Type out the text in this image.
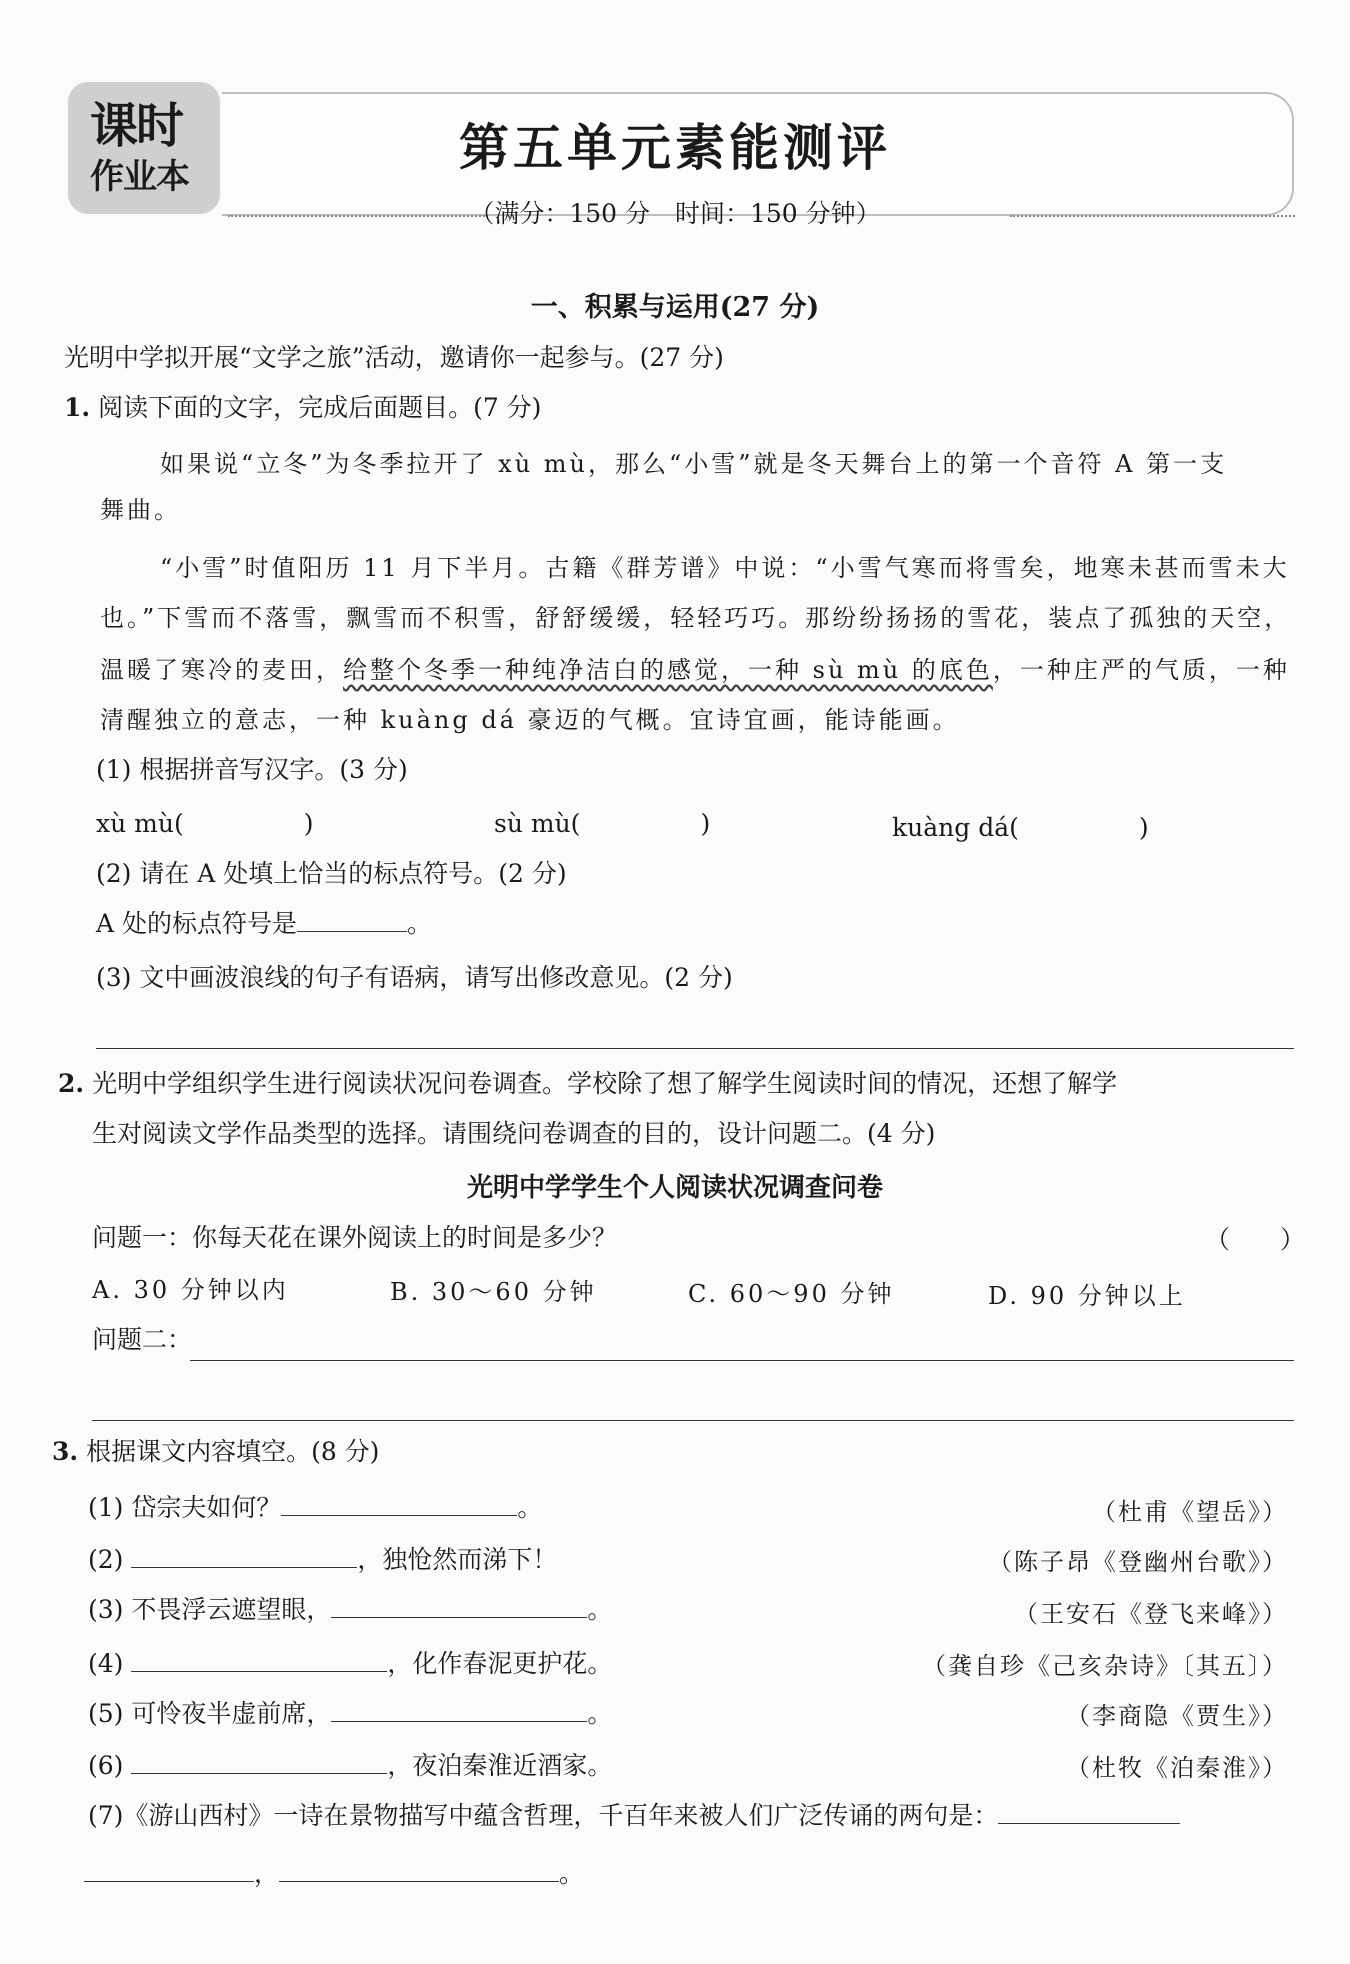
课时
作业本	第五单元素能测评
（满分：150 分　时间：150 分钟）
一、积累与运用(27 分)
光明中学拟开展“文学之旅”活动，邀请你一起参与。(27 分)
1. 阅读下面的文字，完成后面题目。(7 分)
如果说“立冬”为冬季拉开了 xù mù，那么“小雪”就是冬天舞台上的第一个音符 A 第一支
舞曲。
“小雪”时值阳历 11 月下半月。古籍《群芳谱》中说：“小雪气寒而将雪矣，地寒未甚而雪未大
也。”下雪而不落雪，飘雪而不积雪，舒舒缓缓，轻轻巧巧。那纷纷扬扬的雪花，装点了孤独的天空，
温暖了寒冷的麦田，给整个冬季一种纯净洁白的感觉，一种 sù mù 的底色，一种庄严的气质，一种
清醒独立的意志，一种 kuàng dá 豪迈的气概。宜诗宜画，能诗能画。
(1) 根据拼音写汉字。(3 分)
xù mù(	)	sù mù(	)	kuàng dá(	)
(2) 请在 A 处填上恰当的标点符号。(2 分)
A 处的标点符号是	。
(3) 文中画波浪线的句子有语病，请写出修改意见。(2 分)
2. 光明中学组织学生进行阅读状况问卷调查。学校除了想了解学生阅读时间的情况，还想了解学
生对阅读文学作品类型的选择。请围绕问卷调查的目的，设计问题二。(4 分)
光明中学学生个人阅读状况调查问卷
问题一：你每天花在课外阅读上的时间是多少？	（　　）
A. 30 分钟以内	B. 30～60 分钟	C. 60～90 分钟	D. 90 分钟以上
问题二：
3. 根据课文内容填空。(8 分)
(1) 岱宗夫如何？	。	（杜甫《望岳》）
(2)	，独怆然而涕下！	（陈子昂《登幽州台歌》）
(3) 不畏浮云遮望眼，	。	（王安石《登飞来峰》）
(4)	，化作春泥更护花。	（龚自珍《己亥杂诗》〔其五〕）
(5) 可怜夜半虚前席，	。	（李商隐《贾生》）
(6)	，夜泊秦淮近酒家。	（杜牧《泊秦淮》）
(7)《游山西村》一诗在景物描写中蕴含哲理，千百年来被人们广泛传诵的两句是：
，	。
